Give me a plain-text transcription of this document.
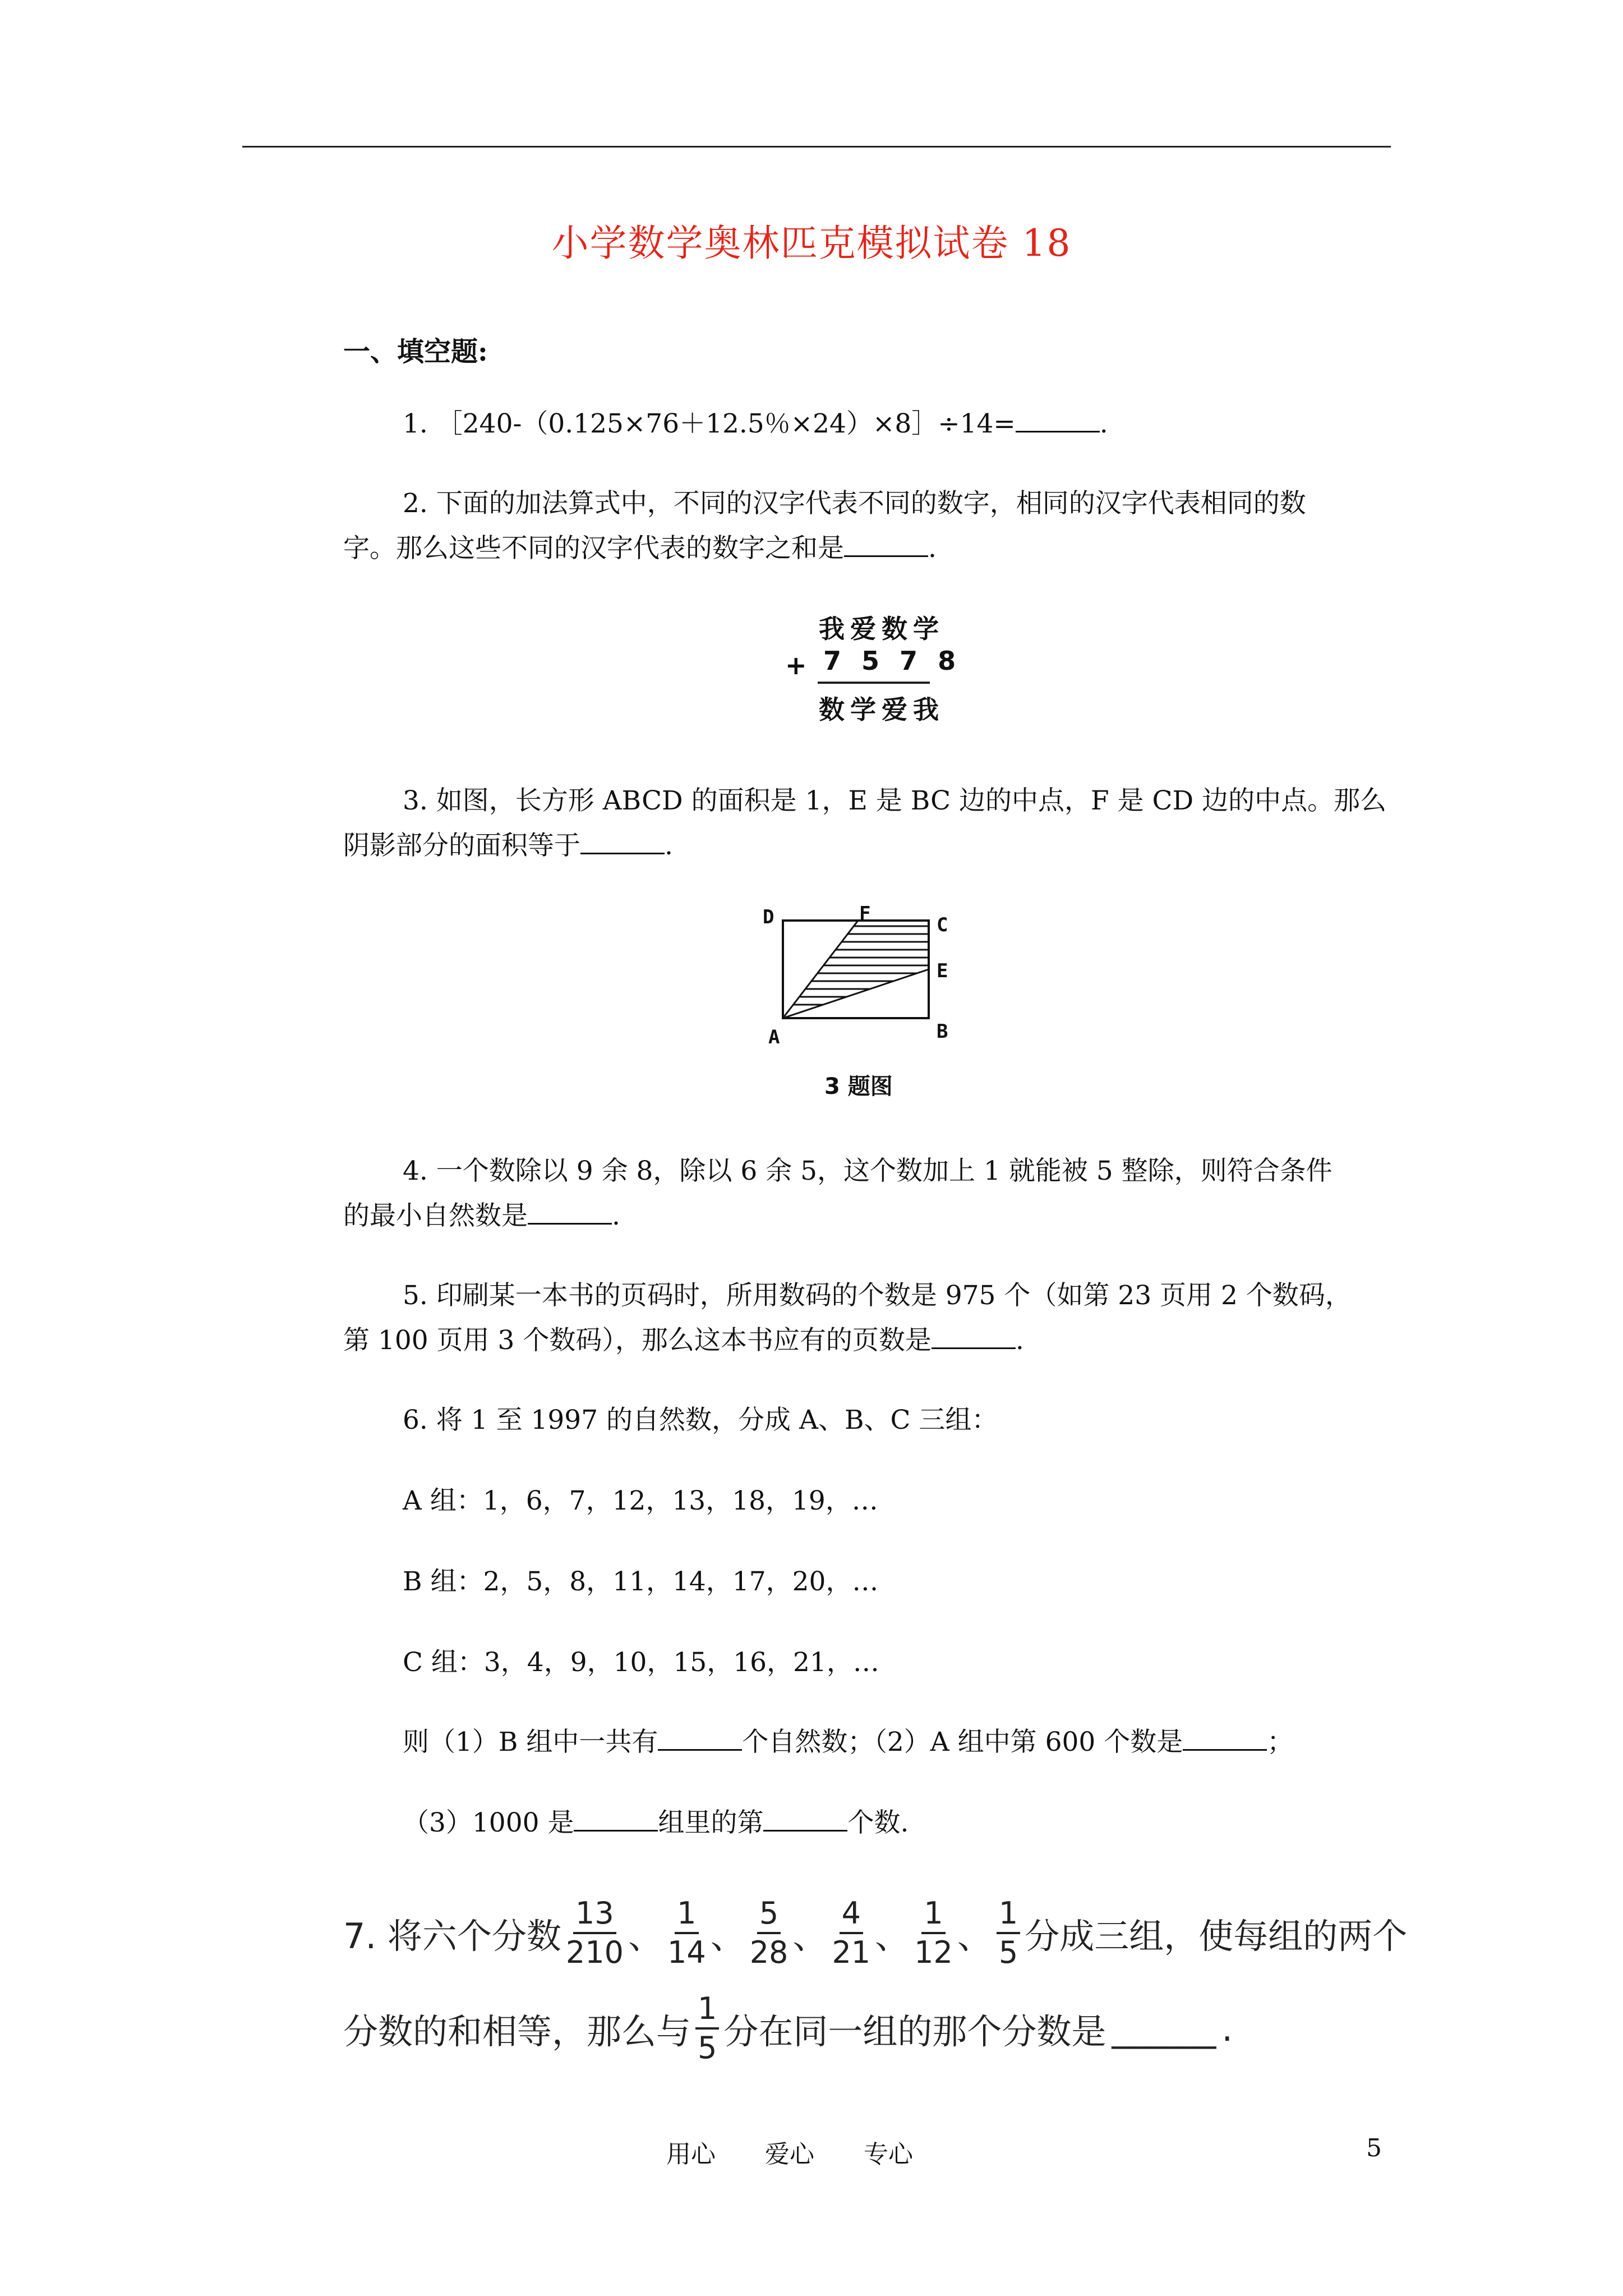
小学数学奥林匹克模拟试卷 18
一、填空题:
1. ［240-（0.125×76＋12.5％×24）×8］÷14=	.
2. 下面的加法算式中，不同的汉字代表不同的数字，相同的汉字代表相同的数
字。那么这些不同的汉字代表的数字之和是	.
我爱数学
+ 7 5 7 8
数学爱我
3. 如图，长方形 ABCD 的面积是 1，E 是 BC 边的中点，F 是 CD 边的中点。那么
阴影部分的面积等于	.
D	F	C
E
A	B
3 题图
4. 一个数除以 9 余 8，除以 6 余 5，这个数加上 1 就能被 5 整除，则符合条件
的最小自然数是	.
5. 印刷某一本书的页码时，所用数码的个数是 975 个（如第 23 页用 2 个数码，
第 100 页用 3 个数码），那么这本书应有的页数是	.
6. 将 1 至 1997 的自然数，分成 A、B、C 三组：
A 组：1，6，7，12，13，18，19，…
B 组：2，5，8，11，14，17，20，…
C 组：3，4，9，10，15，16，21，…
则（1）B 组中一共有	个自然数；（2）A 组中第 600 个数是	；
（3）1000 是	组里的第	个数.
7. 将六个分数 $\frac{13}{210}$ 、 $\frac{1}{14}$ 、 $\frac{5}{28}$ 、 $\frac{4}{21}$ 、 $\frac{1}{12}$ 、 $\frac{1}{5}$ 分成三组，使每组的两个
分数的和相等，那么与 $\frac{1}{5}$ 分在同一组的那个分数是 ______ .
用心　　爱心　　专心	5
